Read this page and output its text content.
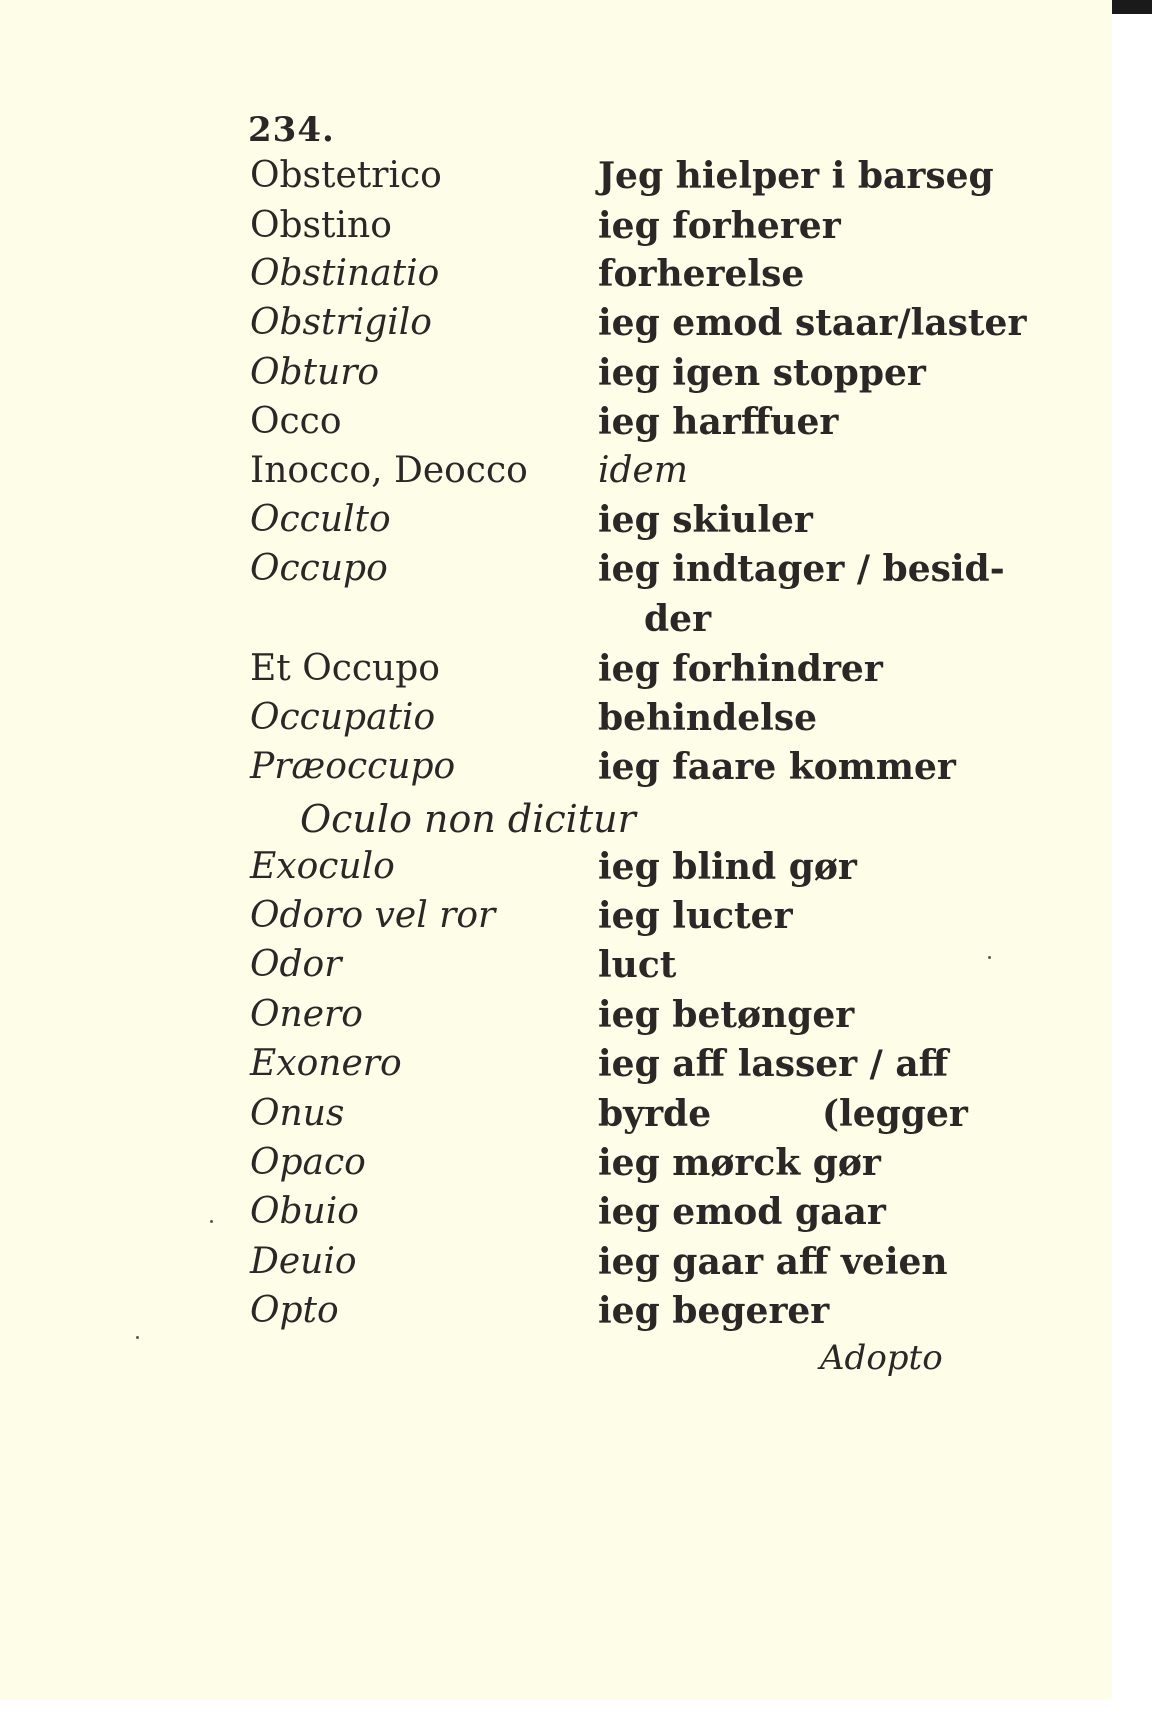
234.
Obstetrico	Jeg hielper i barseg
Obstino	ieg forherer
Obstinatio	forherelse
Obstrigilo	ieg emod staar/laster
Obturo	ieg igen stopper
Occo	ieg harffuer
Inocco, Deocco idem
Occulto	ieg skiuler
Occupo	ieg indtager / besid-
der
Et Occupo	ieg forhindrer
Occupatio	behindelse
Præoccupo	ieg faare kommer
Oculo non dicitur
Exoculo	ieg blind gør
Odoro vel ror	ieg lucter
Odor	luct
Onero	ieg betønger
Exonero	ieg aff lasser / aff
Onus	byrde	(legger
Opaco	ieg mørck gør
Obuio	ieg emod gaar
Deuio	ieg gaar aff veien
Opto	ieg begerer
Adopto
